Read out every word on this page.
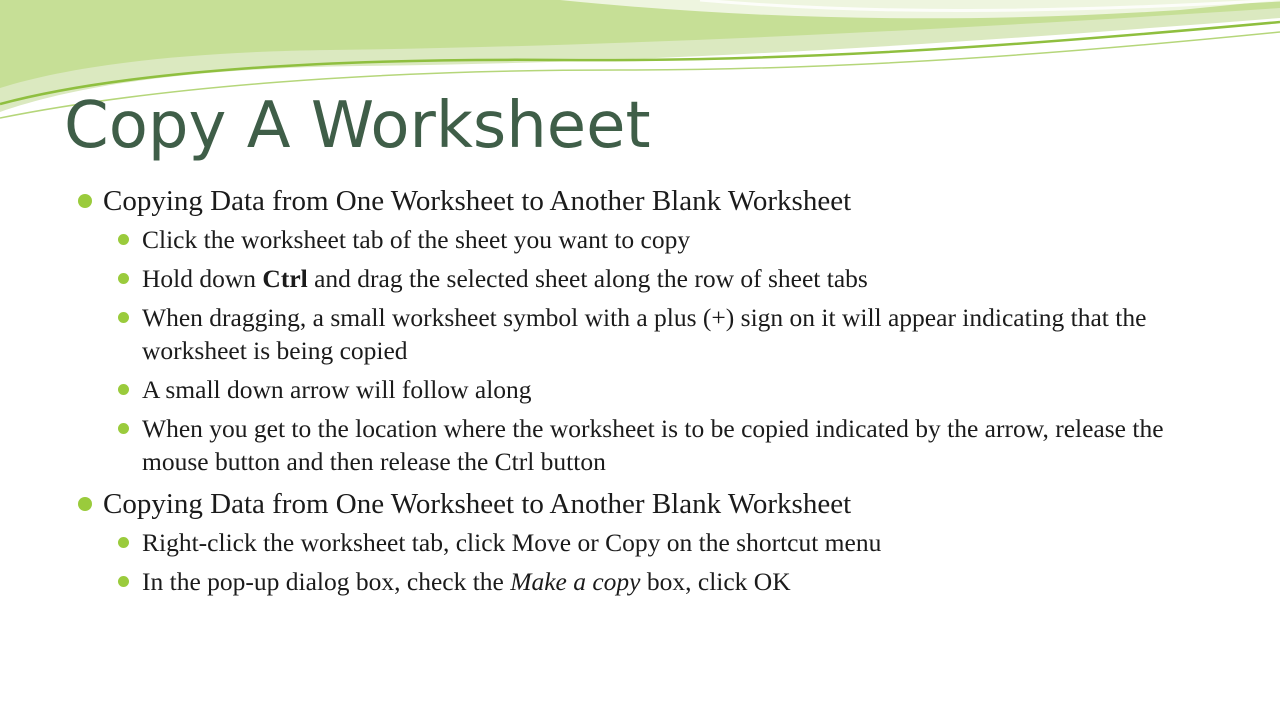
Copy A Worksheet
Copying Data from One Worksheet to Another Blank Worksheet
Click the worksheet tab of the sheet you want to copy
Hold down Ctrl and drag the selected sheet along the row of sheet tabs
When dragging, a small worksheet symbol with a plus (+) sign on it will appear indicating that the worksheet is being copied
A small down arrow will follow along
When you get to the location where the worksheet is to be copied indicated by the arrow, release the mouse button and then release the Ctrl button
Copying Data from One Worksheet to Another Blank Worksheet
Right-click the worksheet tab, click Move or Copy on the shortcut menu
In the pop-up dialog box, check the Make a copy box, click OK
